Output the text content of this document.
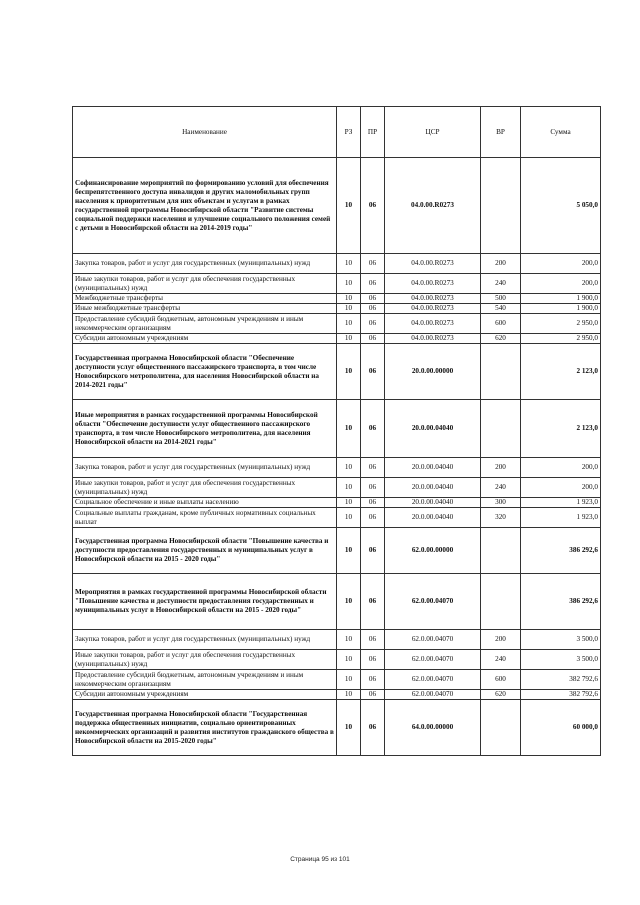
Наименование	РЗ	ПР	ЦСР	ВР	Сумма
Софинансирование мероприятий по формированию условий для обеспечения беспрепятственного доступа инвалидов и других маломобильных групп населения к приоритетным для них объектам и услугам в рамках государственной программы Новосибирской области "Развитие системы социальной поддержки населения и улучшение социального положения семей с детьми в Новосибирской области на 2014-2019 годы"	10	06	04.0.00.R0273		5 050,0
Закупка товаров, работ и услуг для государственных (муниципальных) нужд	10	06	04.0.00.R0273	200	200,0
Иные закупки товаров, работ и услуг для обеспечения государственных (муниципальных) нужд	10	06	04.0.00.R0273	240	200,0
Межбюджетные трансферты	10	06	04.0.00.R0273	500	1 900,0
Иные межбюджетные трансферты	10	06	04.0.00.R0273	540	1 900,0
Предоставление субсидий бюджетным, автономным учреждениям и иным некоммерческим организациям	10	06	04.0.00.R0273	600	2 950,0
Субсидии автономным учреждениям	10	06	04.0.00.R0273	620	2 950,0
Государственная программа Новосибирской области "Обеспечение доступности услуг общественного пассажирского транспорта, в том числе Новосибирского метрополитена, для населения Новосибирской области на 2014-2021 годы"	10	06	20.0.00.00000		2 123,0
Иные мероприятия в рамках государственной программы Новосибирской области "Обеспечение доступности услуг общественного пассажирского транспорта, в том числе Новосибирского метрополитена, для населения Новосибирской области на 2014-2021 годы"	10	06	20.0.00.04040		2 123,0
Закупка товаров, работ и услуг для государственных (муниципальных) нужд	10	06	20.0.00.04040	200	200,0
Иные закупки товаров, работ и услуг для обеспечения государственных (муниципальных) нужд	10	06	20.0.00.04040	240	200,0
Социальное обеспечение и иные выплаты населению	10	06	20.0.00.04040	300	1 923,0
Социальные выплаты гражданам, кроме публичных нормативных социальных выплат	10	06	20.0.00.04040	320	1 923,0
Государственная программа Новосибирской области "Повышение качества и доступности предоставления государственных и муниципальных услуг в Новосибирской области на 2015 - 2020 годы"	10	06	62.0.00.00000		386 292,6
Мероприятия в рамках государственной программы Новосибирской области "Повышение качества и доступности предоставления государственных и муниципальных услуг в Новосибирской области на 2015 - 2020 годы"	10	06	62.0.00.04070		386 292,6
Закупка товаров, работ и услуг для государственных (муниципальных) нужд	10	06	62.0.00.04070	200	3 500,0
Иные закупки товаров, работ и услуг для обеспечения государственных (муниципальных) нужд	10	06	62.0.00.04070	240	3 500,0
Предоставление субсидий бюджетным, автономным учреждениям и иным некоммерческим организациям	10	06	62.0.00.04070	600	382 792,6
Субсидии автономным учреждениям	10	06	62.0.00.04070	620	382 792,6
Государственная программа Новосибирской области "Государственная поддержка общественных инициатив, социально ориентированных некоммерческих организаций и развития институтов гражданского общества в Новосибирской области на 2015-2020 годы"	10	06	64.0.00.00000		60 000,0
Страница 95 из 101
